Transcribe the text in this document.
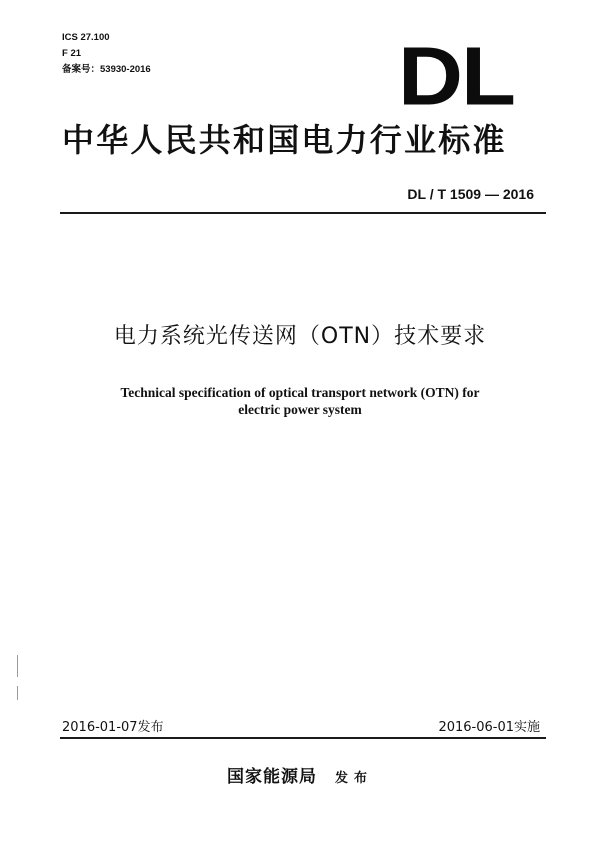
ICS 27.100
F 21
备案号：53930-2016	DL
中华人民共和国电力行业标准
DL / T 1509 — 2016
电力系统光传送网（OTN）技术要求
Technical specification of optical transport network (OTN) for
electric power system
2016-01-07发布	2016-06-01实施
国家能源局 发布
